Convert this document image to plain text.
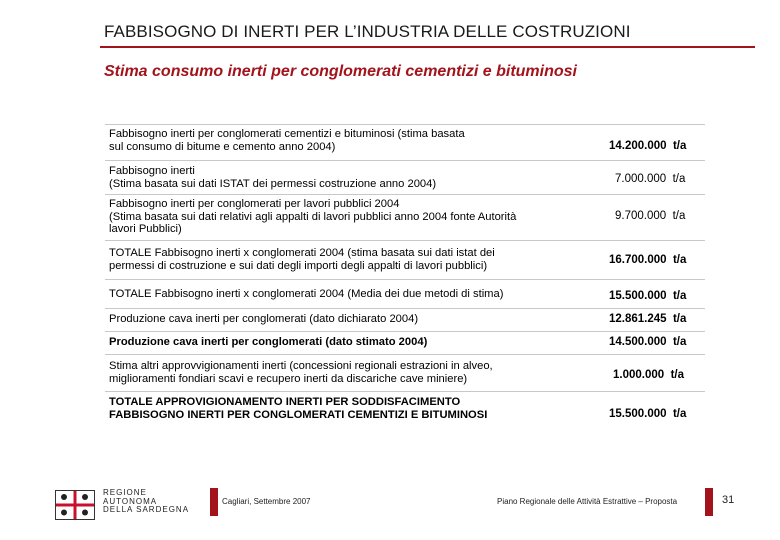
FABBISOGNO DI INERTI PER L’INDUSTRIA DELLE COSTRUZIONI
Stima consumo inerti per conglomerati cementizi e bituminosi
Fabbisogno inerti per conglomerati cementizi e bituminosi (stima basata
sul consumo di bitume e cemento anno 2004)	14.200.000 t/a
Fabbisogno inerti
(Stima basata sui dati ISTAT dei permessi costruzione anno 2004)	7.000.000 t/a
Fabbisogno inerti per conglomerati per lavori pubblici 2004
(Stima basata sui dati relativi agli appalti di lavori pubblici anno 2004 fonte Autorità
lavori Pubblici)
9.700.000 t/a
TOTALE Fabbisogno inerti x conglomerati 2004 (stima basata sui dati istat dei
permessi di costruzione e sui dati degli importi degli appalti di lavori pubblici)	16.700.000 t/a
TOTALE Fabbisogno inerti x conglomerati 2004 (Media dei due metodi di stima)	15.500.000 t/a
Produzione cava inerti per conglomerati (dato dichiarato 2004)	12.861.245 t/a
Produzione cava inerti per conglomerati (dato stimato 2004)	14.500.000 t/a
Stima altri approvvigionamenti inerti (concessioni regionali estrazioni in alveo,
miglioramenti fondiari scavi e recupero inerti da discariche cave miniere)	1.000.000 t/a
TOTALE APPROVIGIONAMENTO INERTI PER SODDISFACIMENTO
FABBISOGNO INERTI PER CONGLOMERATI CEMENTIZI E BITUMINOSI	15.500.000 t/a
REGIONE
AUTONOMA
DELLA SARDEGNA
Cagliari, Settembre 2007	Piano Regionale delle Attività Estrattive – Proposta	31
